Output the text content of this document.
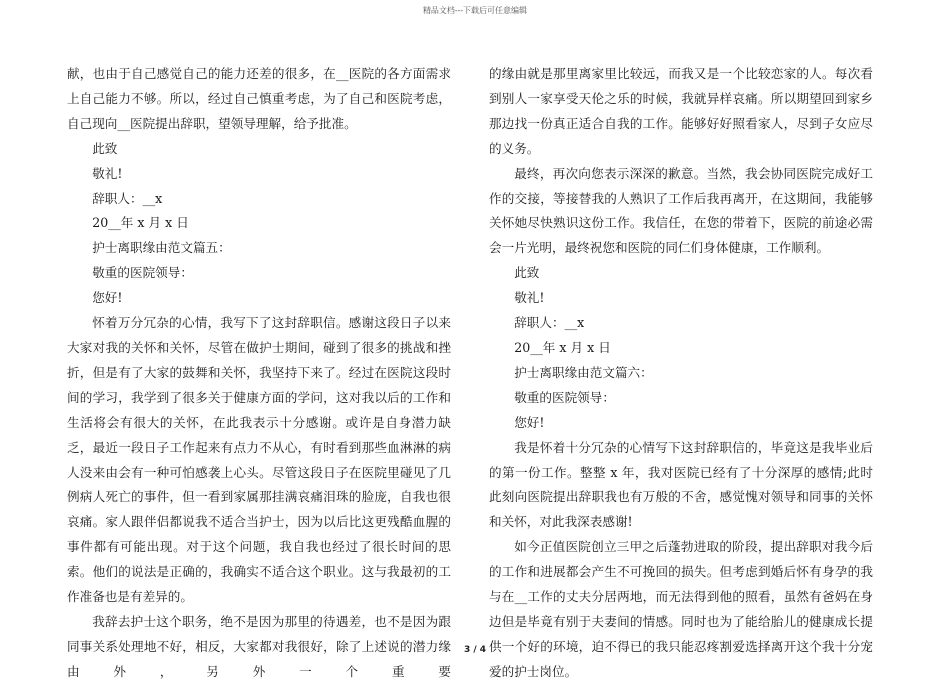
精品文档---下载后可任意编辑

献，也由于自己感觉自己的能力还差的很多，在__医院的各方面需求上自己能力不够。所以，经过自己慎重考虑，为了自己和医院考虑，自己现向__医院提出辞职，望领导理解，给予批准。

此致

敬礼!

辞职人：__x

20__年 x 月 x 日

护士离职缘由范文篇五：

敬重的医院领导：

您好!

怀着万分冗杂的心情，我写下了这封辞职信。感谢这段日子以来大家对我的关怀和关怀，尽管在做护士期间，碰到了很多的挑战和挫折，但是有了大家的鼓舞和关怀，我坚持下来了。经过在医院这段时间的学习，我学到了很多关于健康方面的学问，这对我以后的工作和生活将会有很大的关怀，在此我表示十分感谢。或许是自身潜力缺乏，最近一段日子工作起来有点力不从心，有时看到那些血淋淋的病人没来由会有一种可怕感袭上心头。尽管这段日子在医院里碰见了几例病人死亡的事件，但一看到家属那挂满哀痛泪珠的脸庞，自我也很哀痛。家人跟伴侣都说我不适合当护士，因为以后比这更残酷血腥的事件都有可能出现。对于这个问题，我自我也经过了很长时间的思索。他们的说法是正确的，我确实不适合这个职业。这与我最初的工作准备也是有差异的。

我辞去护士这个职务，绝不是因为那里的待遇差，也不是因为跟同事关系处理地不好，相反，大家都对我很好，除了上述说的潜力缘由外，另外一个重要

的缘由就是那里离家里比较远，而我又是一个比较恋家的人。每次看到别人一家享受天伦之乐的时候，我就异样哀痛。所以期望回到家乡那边找一份真正适合自我的工作。能够好好照看家人，尽到子女应尽的义务。

最终，再次向您表示深深的歉意。当然，我会协同医院完成好工作的交接，等接替我的人熟识了工作后我再离开，在这期间，我能够关怀她尽快熟识这份工作。我信任，在您的带着下，医院的前途必需会一片光明，最终祝您和医院的同仁们身体健康，工作顺利。

此致

敬礼!

辞职人：__x

20__年 x 月 x 日

护士离职缘由范文篇六：

敬重的医院领导：

您好!

我是怀着十分冗杂的心情写下这封辞职信的，毕竟这是我毕业后的第一份工作。整整 x 年，我对医院已经有了十分深厚的感情;此时此刻向医院提出辞职我也有万般的不舍，感觉愧对领导和同事的关怀和关怀，对此我深表感谢!

如今正值医院创立三甲之后蓬勃进取的阶段，提出辞职对我今后的工作和进展都会产生不可挽回的损失。但考虑到婚后怀有身孕的我与在__工作的丈夫分居两地，而无法得到他的照看，虽然有爸妈在身边但是毕竟有别于夫妻间的情感。同时也为了能给胎儿的健康成长提供一个好的环境，迫不得已的我只能忍疼割爱选择离开这个我十分宠爱的护士岗位。

3 / 4
